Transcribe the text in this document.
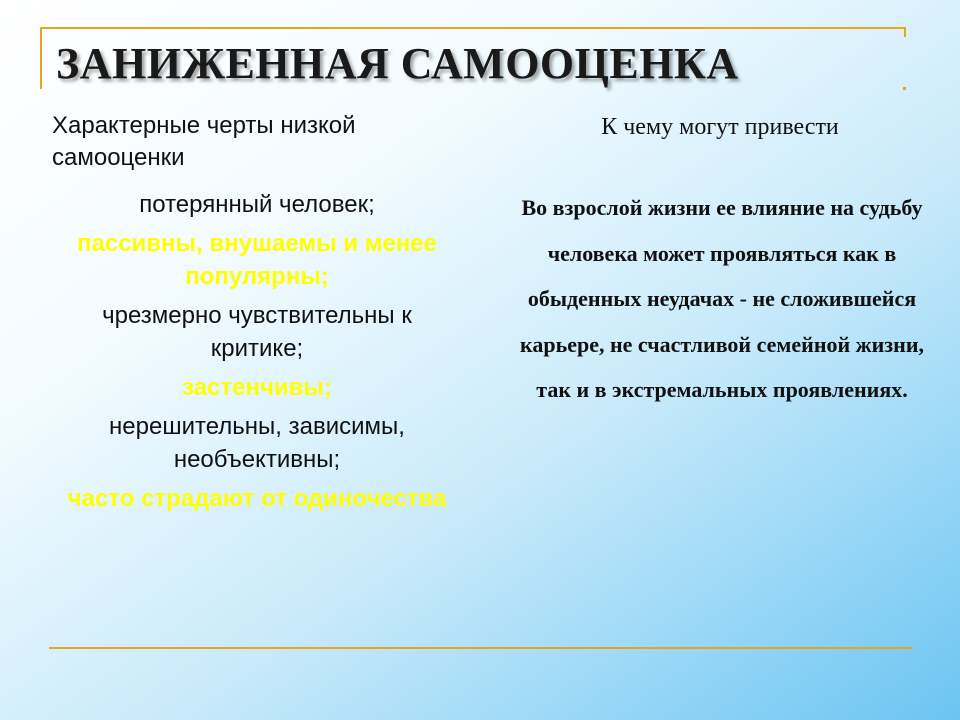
ЗАНИЖЕННАЯ САМООЦЕНКА
Характерные черты низкой самооценки
К чему могут привести
потерянный человек;
пассивны, внушаемы и менее популярны;
чрезмерно чувствительны к критике;
застенчивы;
нерешительны, зависимы, необъективны;
часто страдают от одиночества

Во взрослой жизни ее влияние на судьбу человека может проявляться как в обыденных неудачах - не сложившейся карьере, не счастливой семейной жизни, так и в экстремальных проявлениях.
